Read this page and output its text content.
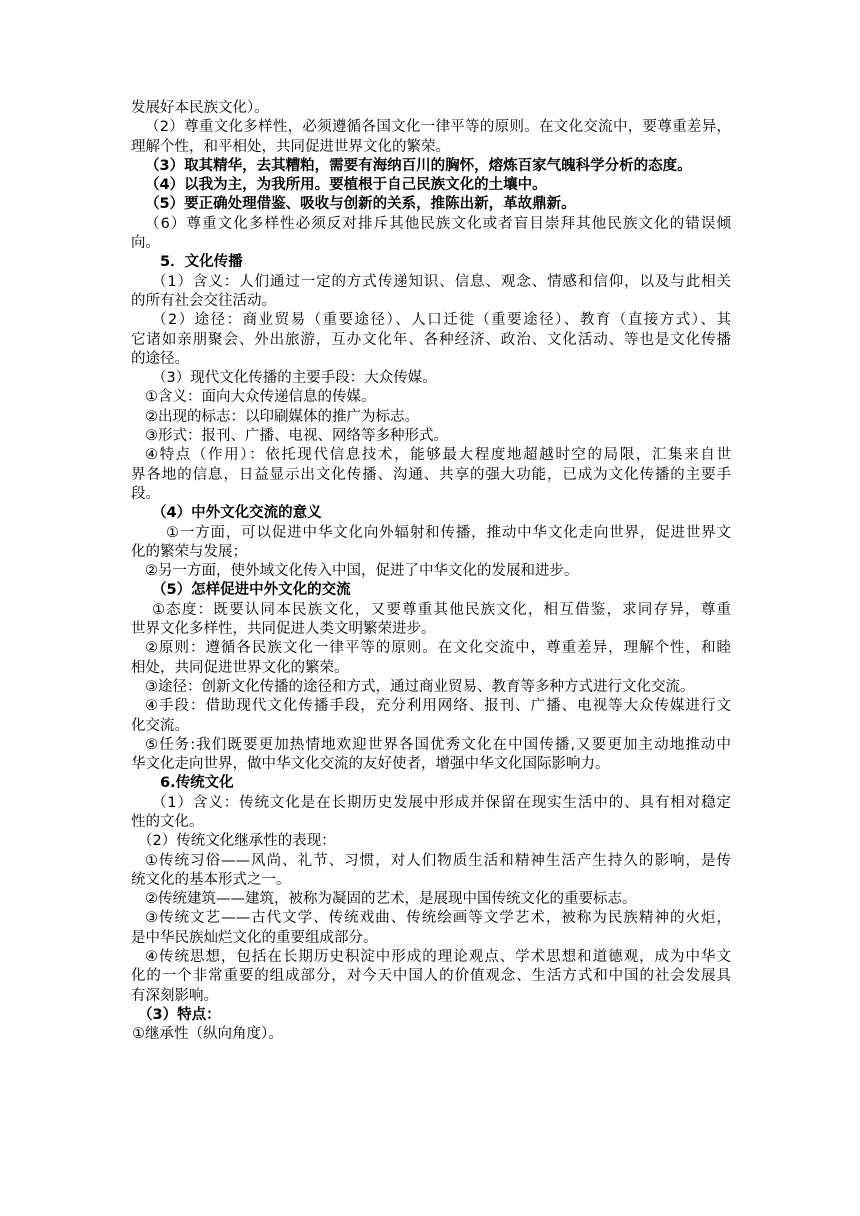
发展好本民族文化）。
（2）尊重文化多样性，必须遵循各国文化一律平等的原则。在文化交流中，要尊重差异，
理解个性，和平相处，共同促进世界文化的繁荣。
（3）取其精华，去其糟粕，需要有海纳百川的胸怀，熔炼百家气魄科学分析的态度。
（4）以我为主，为我所用。要植根于自己民族文化的土壤中。
（5）要正确处理借鉴、吸收与创新的关系，推陈出新，革故鼎新。
（6）尊重文化多样性必须反对排斥其他民族文化或者盲目崇拜其他民族文化的错误倾
向。
5．文化传播
（1）含义：人们通过一定的方式传递知识、信息、观念、情感和信仰，以及与此相关
的所有社会交往活动。
（2）途径：商业贸易（重要途径）、人口迁徙（重要途径）、教育（直接方式）、其
它诸如亲朋聚会、外出旅游，互办文化年、各种经济、政治、文化活动、等也是文化传播
的途径。
（3）现代文化传播的主要手段：大众传媒。
①含义：面向大众传递信息的传媒。
②出现的标志：以印刷媒体的推广为标志。
③形式：报刊、广播、电视、网络等多种形式。
④特点（作用）：依托现代信息技术，能够最大程度地超越时空的局限，汇集来自世
界各地的信息，日益显示出文化传播、沟通、共享的强大功能，已成为文化传播的主要手
段。
（4）中外文化交流的意义
①一方面，可以促进中华文化向外辐射和传播，推动中华文化走向世界，促进世界文
化的繁荣与发展；
②另一方面，使外域文化传入中国，促进了中华文化的发展和进步。
（5）怎样促进中外文化的交流
①态度：既要认同本民族文化，又要尊重其他民族文化，相互借鉴，求同存异，尊重
世界文化多样性，共同促进人类文明繁荣进步。
②原则：遵循各民族文化一律平等的原则。在文化交流中，尊重差异，理解个性，和睦
相处，共同促进世界文化的繁荣。
③途径：创新文化传播的途径和方式，通过商业贸易、教育等多种方式进行文化交流。
④手段：借助现代文化传播手段，充分利用网络、报刊、广播、电视等大众传媒进行文
化交流。
⑤任务:我们既要更加热情地欢迎世界各国优秀文化在中国传播,又要更加主动地推动中
华文化走向世界，做中华文化交流的友好使者，增强中华文化国际影响力。
6.传统文化
（1）含义：传统文化是在长期历史发展中形成并保留在现实生活中的、具有相对稳定
性的文化。
（2）传统文化继承性的表现：
①传统习俗——风尚、礼节、习惯，对人们物质生活和精神生活产生持久的影响，是传
统文化的基本形式之一。
②传统建筑——建筑，被称为凝固的艺术，是展现中国传统文化的重要标志。
③传统文艺——古代文学、传统戏曲、传统绘画等文学艺术，被称为民族精神的火炬，
是中华民族灿烂文化的重要组成部分。
④传统思想，包括在长期历史积淀中形成的理论观点、学术思想和道德观，成为中华文
化的一个非常重要的组成部分，对今天中国人的价值观念、生活方式和中国的社会发展具
有深刻影响。
（3）特点：
①继承性（纵向角度）。
